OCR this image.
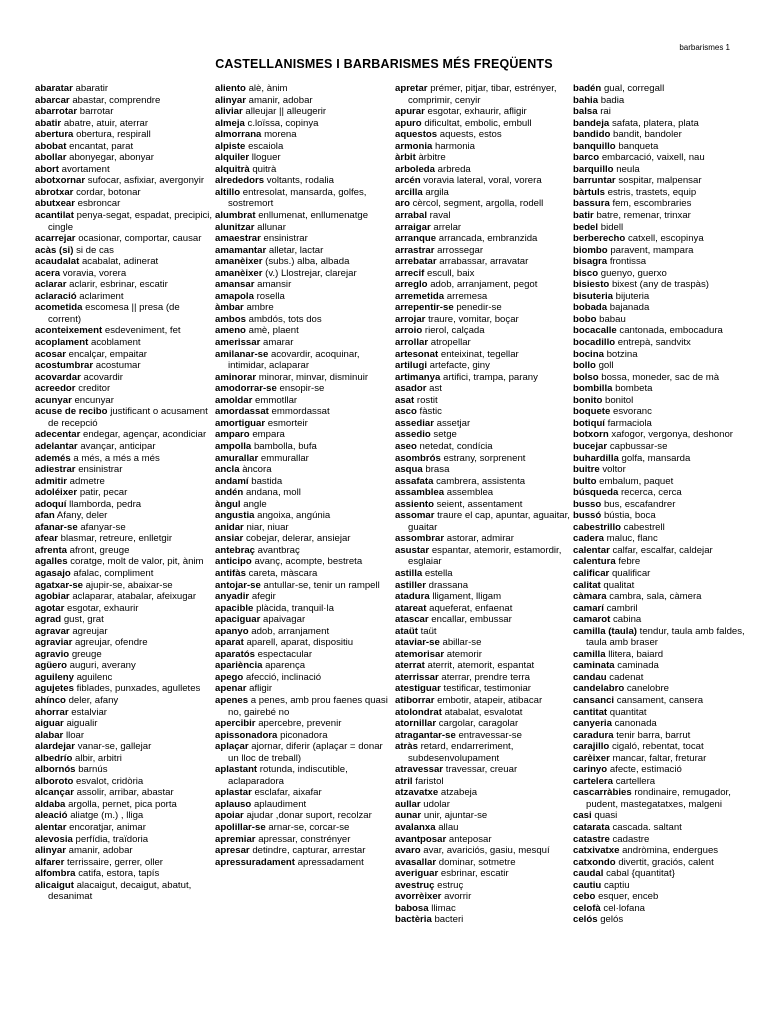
barbarismes 1
CASTELLANISMES I BARBARISMES MÉS FREQÜENTS
abaratar abaratir
abarcar abastar, comprendre
abarrotar barrotar
abatir abatre, atuir, aterrar
abertura obertura, respirall
abobat encantat, parat
abollar abonyegar, abonyar
abort avortament
abotxornar sufocar, asfixiar, avergonyir
abrotxar cordar, botonar
abutxear esbroncar
acantilat penya-segat, espadat, precipici, cingle
acarrejar ocasionar, comportar, causar
acàs (si) si de cas
acaudalat acabalat, adinerat
acera voravia, vorera
aclarar aclarir, esbrinar, escatir
aclaració aclariment
acometida escomesa || presa (de corrent)
aconteixement esdeveniment, fet
acoplament acoblament
acosar encalçar, empaitar
acostumbrar acostumar
acovardar acovardir
acreedor creditor
acunyar encunyar
acuse de recibo justificant o acusament de recepció
adecentar endegar, agençar, acondiciar
adelantar avançar, anticipar
ademés a més, a més a més
adiestrar ensinistrar
admitir admetre
adoléixer patir, pecar
adoquí llamborda, pedra
afan Afany, deler
afanar-se afanyar-se
afear blasmar, retreure, enlletgir
afrenta afront, greuge
agalles coratge, molt de valor, pit, ànim
agasajo afalac, compliment
agatxar-se ajupir-se, abaixar-se
agobiar aclaparar, atabalar, afeixugar
agotar esgotar, exhaurir
agrad gust, grat
agravar agreujar
agraviar agreujar, ofendre
agravio greuge
agüero auguri, averany
aguileny aguilenc
agujetes fiblades, punxades, agulletes
ahínco deler, afany
ahorrar estalviar
aiguar aigualir
alabar lloar
alardejar vanar-se, gallejar
albedrío albir, arbitri
albornós barnús
alboroto esvalot, cridòria
alcançar assolir, arribar, abastar
aldaba argolla, pernet, pica porta
aleació aliatge (m.) , lliga
alentar encoratjar, animar
alevosia perfídia, traïdoria
alinyar amanir, adobar
alfarer terrissaire, gerrer, oller
alfombra catifa, estora, tapís
alicaigut alacaigut, decaigut, abatut, desanimat
aliento alè, ànim
alinyar amanir, adobar
aliviar alleujar || alleugerir
almeja c.loïssa, copinya
almorrana morena
alpiste escaiola
alquiler lloguer
alquitrà quitrà
alrededors voltants, rodalia
altillo entresolat, mansarda, golfes, sostremort
alumbrat enllumenat, enllumenatge
alunitzar allunar
amaestrar ensinistrar
amamantar alletar, lactar
amanèixer (subs.) alba, albada
amanèixer (v.) Llostrejar, clarejar
amansar amansir
amapola rosella
àmbar ambre
ambos ambdós, tots dos
ameno amè, plaent
amerissar amarar
amilanar-se acovardir, acoquinar, intimidar, aclaparar
aminorar minorar, minvar, disminuir
amodorrar-se ensopir-se
amoldar emmotllar
amordassat emmordassat
amortiguar esmorteir
amparo empara
ampolla bambolla, bufa
amurallar emmurallar
ancla àncora
andamí bastida
andén andana, moll
àngul angle
angustia angoixa, angúnia
anidar niar, niuar
ansiar cobejar, delerar, ansiejar
antebraç avantbraç
anticipo avanç, acompte, bestreta
antifàs careta, màscara
antojar-se antullar-se, tenir un rampell
anyadir afegir
apacible plàcida, tranquil·la
apaciguar apaivagar
apanyo adob, arranjament
aparat aparell, aparat, dispositiu
aparatós espectacular
apariència aparença
apego afecció, inclinació
apenar afligir
apenes a penes, amb prou faenes quasi no, gairebé no
apercibir apercebre, prevenir
apissonadora piconadora
aplaçar ajornar, diferir (aplaçar = donar un lloc de treball)
aplastant rotunda, indiscutible, aclaparadora
aplastar esclafar, aixafar
aplauso aplaudiment
apoiar ajudar ,donar suport, recolzar
apolillar-se arnar-se, corcar-se
apremiar apressar, constrényer
apresar detindre, capturar, arrestar
apressuradament apressadament
apretar prémer, pitjar, tibar, estrényer, comprimir, cenyir
apurar esgotar, exhaurir, afligir
apuro dificultat, embolic, embull
aquestos aquests, estos
armonia harmonia
àrbit àrbitre
arboleda arbreda
arcén voravia lateral, voral, vorera
arcilla argila
aro cèrcol, segment, argolla, rodell
arrabal raval
arraigar arrelar
arranque arrancada, embranzida
arrastrar arrossegar
arrebatar arrabassar, arravatar
arrecif escull, baix
arreglo adob, arranjament, pegot
arremetida arremesa
arrepentir-se penedir-se
arrojar traure, vomitar, boçar
arroio rierol, calçada
arrollar atropellar
artesonat enteixinat, tegellar
artilugi artefacte, giny
artimanya artifici, trampa, parany
asador ast
asat rostit
asco fàstic
assediar assetjar
assedio setge
aseo netedat, condícia
asombrós estrany, sorprenent
asqua brasa
assafata cambrera, assistenta
assamblea assemblea
assiento seient, assentament
assomar traure el cap, apuntar, aguaitar, guaitar
assombrar astorar, admirar
asustar espantar, atemorir, estamordir, esglaiar
astilla estella
astiller drassana
atadura lligament, lligam
atareat aqueferat, enfaenat
atascar encallar, embussar
ataüt taüt
ataviar-se abillar-se
atemorisar atemorir
aterrat aterrit, atemorit, espantat
aterrissar aterrar, prendre terra
atestiguar testificar, testimoniar
atiborrar embotir, atapeir, atibacar
atolondrat atabalat, esvalotat
atornillar cargolar, caragolar
atragantar-se entravessar-se
atràs retard, endarreriment, subdesenvolupament
atravessar travessar, creuar
atril faristol
atzavatxe atzabeja
aullar udolar
aunar unir, ajuntar-se
avalanxa allau
avantposar anteposar
avaro avar, avariciós, gasiu, mesquí
avasallar dominar, sotmetre
averiguar esbrinar, escatir
avestruç estruç
avorrèixer avorrir
babosa llimac
bactèria bacteri
badén gual, corregall
bahia badia
balsa rai
bandeja safata, platera, plata
bandido bandit, bandoler
banquillo banqueta
barco embarcació, vaixell, nau
barquillo neula
barruntar sospitar, malpensar
bàrtuls estris, trastets, equip
bassura fem, escombraries
batir batre, remenar, trinxar
bedel bidell
berberecho catxell, escopinya
biombo paravent, mampara
bisagra frontissa
bisco guenyo, guerxo
bisiesto bixest (any de traspàs)
bisuteria bijuteria
bobada bajanada
bobo babau
bocacalle cantonada, embocadura
bocadillo entrepà, sandvitx
bocina botzina
bollo goll
bolso bossa, moneder, sac de mà
bombilla bombeta
bonito bonitol
boquete esvoranc
botiquí farmaciola
botxorn xafogor, vergonya, deshonor
bucejar capbussar-se
buhardilla golfa, mansarda
buitre voltor
bulto embalum, paquet
búsqueda recerca, cerca
busso bus, escafandrer
bussó bústia, boca
cabestrillo cabestrell
cadera maluc, flanc
calentar calfar, escalfar, caldejar
calentura febre
calificar qualificar
calitat qualitat
càmara cambra, sala, càmera
camarí cambril
camarot cabina
camilla (taula) tendur, taula amb faldes, taula amb braser
camilla llitera, baiard
caminata caminada
candau cadenat
candelabro canelobre
cansanci cansament, cansera
cantitat quantitat
canyeria canonada
caradura tenir barra, barrut
carajillo cigaló, rebentat, tocat
carèixer mancar, faltar, freturar
carinyo afecte, estimació
cartelera cartellera
cascarràbies rondinaire, remugador, pudent, mastegatatxes, malgeni
casi quasi
catarata cascada. saltant
catastre cadastre
catxivatxe andròmina, endergues
catxondo divertit, graciós, calent
caudal cabal {quantitat}
cautiu captiu
cebo esquer, enceb
celofà cel·lofana
celós gelós
